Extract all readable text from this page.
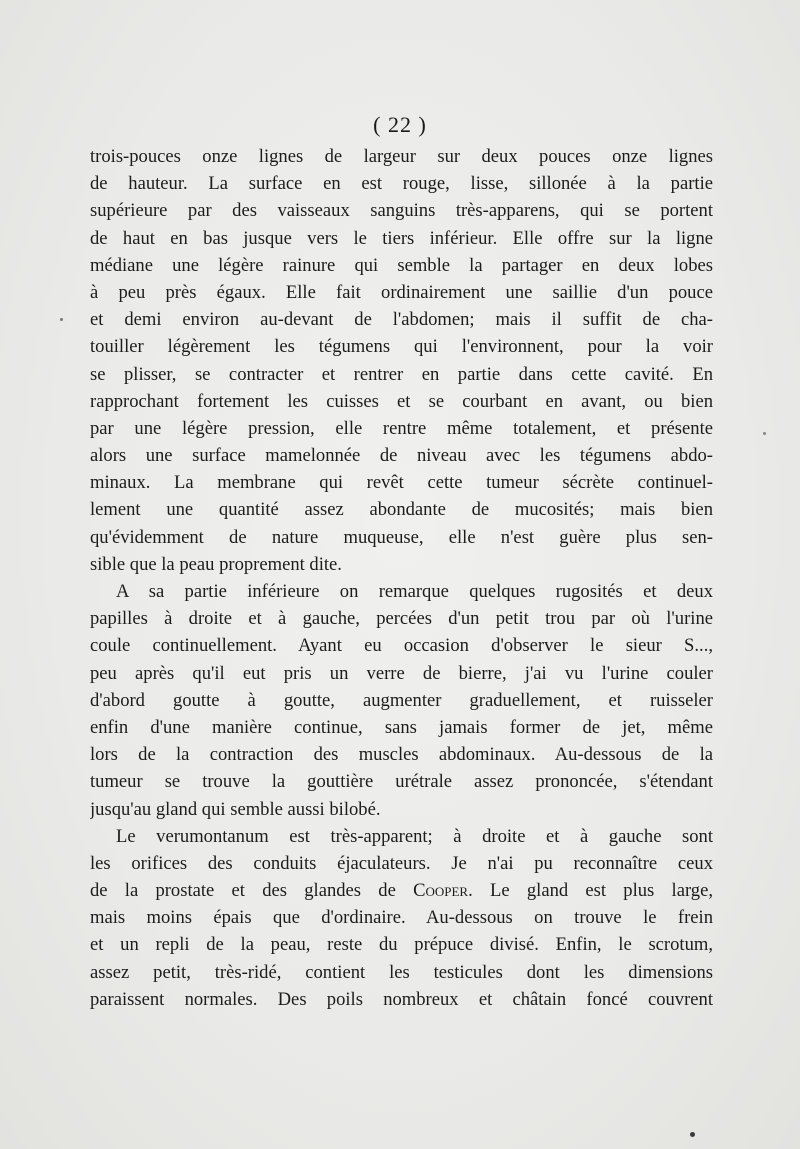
( 22 )
trois-pouces onze lignes de largeur sur deux pouces onze lignes
de hauteur. La surface en est rouge, lisse, sillonée à la partie
supérieure par des vaisseaux sanguins très-apparens, qui se portent
de haut en bas jusque vers le tiers inférieur. Elle offre sur la ligne
médiane une légère rainure qui semble la partager en deux lobes
à peu près égaux. Elle fait ordinairement une saillie d'un pouce
et demi environ au-devant de l'abdomen; mais il suffit de cha-
touiller légèrement les tégumens qui l'environnent, pour la voir
se plisser, se contracter et rentrer en partie dans cette cavité. En
rapprochant fortement les cuisses et se courbant en avant, ou bien
par une légère pression, elle rentre même totalement, et présente
alors une surface mamelonnée de niveau avec les tégumens abdo-
minaux. La membrane qui revêt cette tumeur sécrète continuel-
lement une quantité assez abondante de mucosités; mais bien
qu'évidemment de nature muqueuse, elle n'est guère plus sen-
sible que la peau proprement dite.
A sa partie inférieure on remarque quelques rugosités et deux
papilles à droite et à gauche, percées d'un petit trou par où l'urine
coule continuellement. Ayant eu occasion d'observer le sieur S...,
peu après qu'il eut pris un verre de bierre, j'ai vu l'urine couler
d'abord goutte à goutte, augmenter graduellement, et ruisseler
enfin d'une manière continue, sans jamais former de jet, même
lors de la contraction des muscles abdominaux. Au-dessous de la
tumeur se trouve la gouttière urétrale assez prononcée, s'étendant
jusqu'au gland qui semble aussi bilobé.
Le verumontanum est très-apparent; à droite et à gauche sont
les orifices des conduits éjaculateurs. Je n'ai pu reconnaître ceux
de la prostate et des glandes de Cooper. Le gland est plus large,
mais moins épais que d'ordinaire. Au-dessous on trouve le frein
et un repli de la peau, reste du prépuce divisé. Enfin, le scrotum,
assez petit, très-ridé, contient les testicules dont les dimensions
paraissent normales. Des poils nombreux et châtain foncé couvrent
